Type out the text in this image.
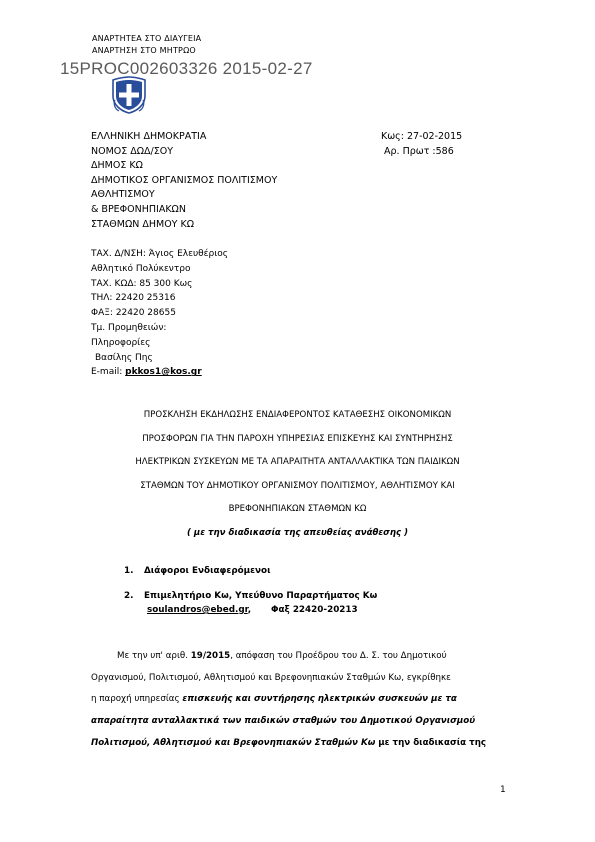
ΑΝΑΡΤΗΤΕΑ ΣΤΟ ΔΙΑΥΓΕΙΑ
ΑΝΑΡΤΗΣΗ ΣΤΟ ΜΗΤΡΩΟ
15PROC002603326 2015-02-27
ΕΛΛΗΝΙΚΗ ΔΗΜΟΚΡΑΤΙΑ
ΝΟΜΟΣ ΔΩΔ/ΣΟΥ
ΔΗΜΟΣ ΚΩ
ΔΗΜΟΤΙΚΟΣ ΟΡΓΑΝΙΣΜΟΣ ΠΟΛΙΤΙΣΜΟΥ
ΑΘΛΗΤΙΣΜΟΥ
& ΒΡΕΦΟΝΗΠΙΑΚΩΝ
ΣΤΑΘΜΩΝ ΔΗΜΟΥ ΚΩ
Κως: 27-02-2015
Αρ. Πρωτ :586
ΤΑΧ. Δ/ΝΣΗ: Άγιος Ελευθέριος
Αθλητικό Πολύκεντρο
ΤΑΧ. ΚΩΔ: 85 300 Κως
ΤΗΛ: 22420 25316
ΦΑΞ: 22420 28655
Τμ. Προμηθειών:
Πληροφορίες
Βασίλης Πης
E-mail: pkkos1@kos.gr
ΠΡΟΣΚΛΗΣΗ ΕΚΔΗΛΩΣΗΣ ΕΝΔΙΑΦΕΡΟΝΤΟΣ ΚΑΤΑΘΕΣΗΣ ΟΙΚΟΝΟΜΙΚΩΝ
ΠΡΟΣΦΟΡΩΝ ΓΙΑ ΤΗΝ ΠΑΡΟΧΗ ΥΠΗΡΕΣΙΑΣ ΕΠΙΣΚΕΥΗΣ ΚΑΙ ΣΥΝΤΗΡΗΣΗΣ
ΗΛΕΚΤΡΙΚΩΝ ΣΥΣΚΕΥΩΝ ΜΕ ΤΑ ΑΠΑΡΑΙΤΗΤΑ ΑΝΤΑΛΛΑΚΤΙΚΑ ΤΩΝ ΠΑΙΔΙΚΩΝ
ΣΤΑΘΜΩΝ ΤΟΥ ΔΗΜΟΤΙΚΟΥ ΟΡΓΑΝΙΣΜΟΥ ΠΟΛΙΤΙΣΜΟΥ, ΑΘΛΗΤΙΣΜΟΥ ΚΑΙ
ΒΡΕΦΟΝΗΠΙΑΚΩΝ ΣΤΑΘΜΩΝ ΚΩ
( με την διαδικασία της απευθείας ανάθεσης )
1. Διάφοροι Ενδιαφερόμενοι
2. Επιμελητήριο Κω, Υπεύθυνο Παραρτήματος Κω
soulandros@ebed.gr, Φαξ 22420-20213
Με την υπ' αριθ. 19/2015, απόφαση του Προέδρου του Δ. Σ. του Δημοτικού
Οργανισμού, Πολιτισμού, Αθλητισμού και Βρεφονηπιακών Σταθμών Κω, εγκρίθηκε
η παροχή υπηρεσίας επισκευής και συντήρησης ηλεκτρικών συσκευών με τα
απαραίτητα ανταλλακτικά των παιδικών σταθμών του Δημοτικού Οργανισμού
Πολιτισμού, Αθλητισμού και Βρεφονηπιακών Σταθμών Κω με την διαδικασία της
1
